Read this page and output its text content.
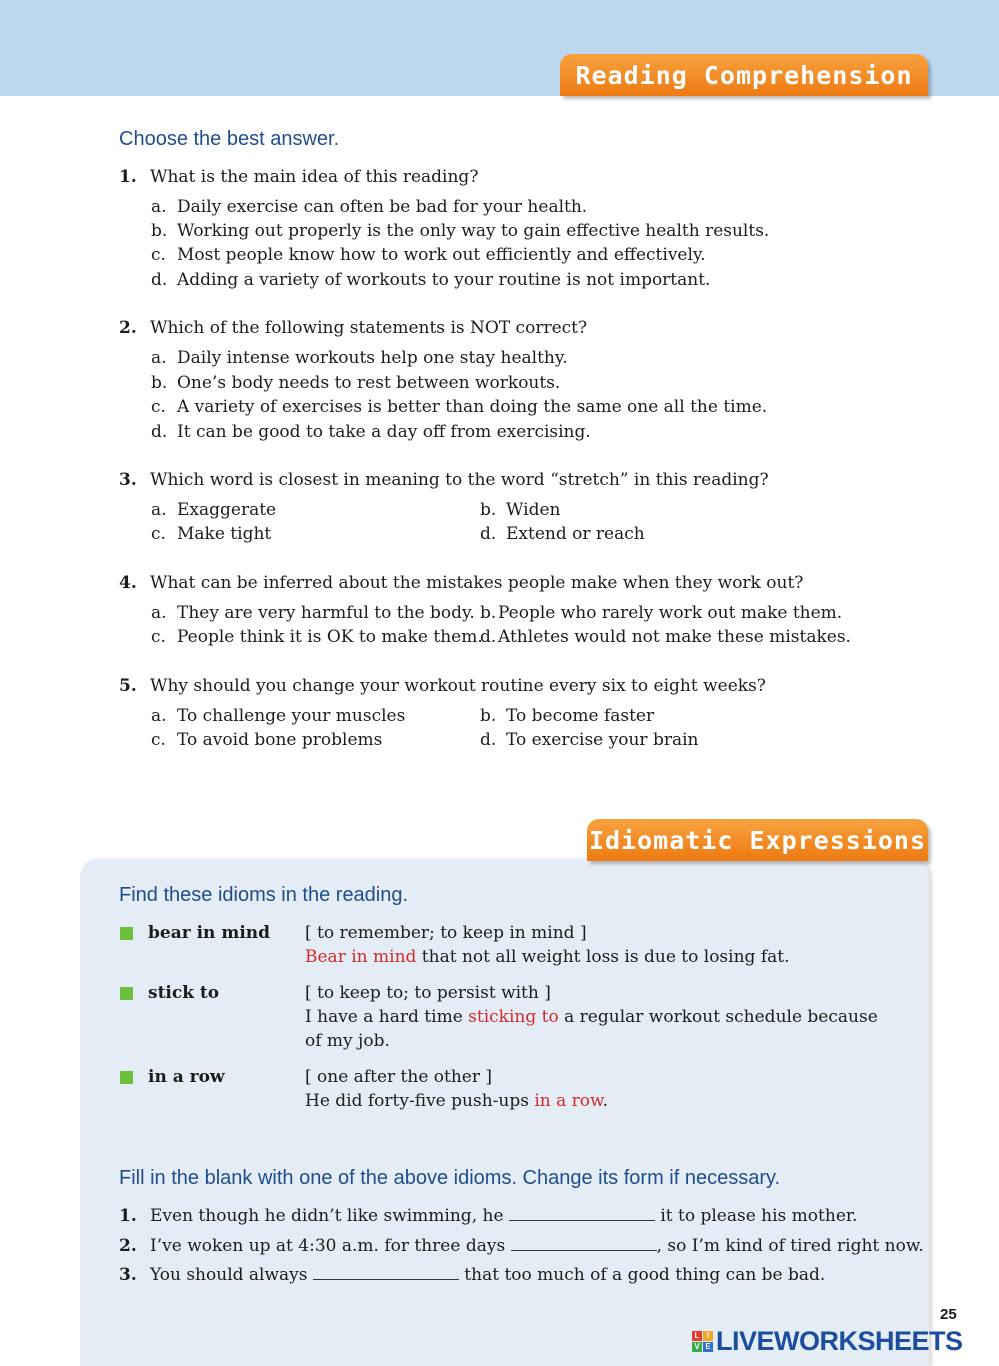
Reading Comprehension
Choose the best answer.
1. What is the main idea of this reading?
a. Daily exercise can often be bad for your health.
b. Working out properly is the only way to gain effective health results.
c. Most people know how to work out efficiently and effectively.
d. Adding a variety of workouts to your routine is not important.
2. Which of the following statements is NOT correct?
a. Daily intense workouts help one stay healthy.
b. One’s body needs to rest between workouts.
c. A variety of exercises is better than doing the same one all the time.
d. It can be good to take a day off from exercising.
3. Which word is closest in meaning to the word “stretch” in this reading?
a. Exaggerate	b. Widen
c. Make tight	d. Extend or reach
4. What can be inferred about the mistakes people make when they work out?
a. They are very harmful to the body. b. People who rarely work out make them.
c. People think it is OK to make them.
d. Athletes would not make these mistakes.
5. Why should you change your workout routine every six to eight weeks?
a. To challenge your muscles	b. To become faster
c. To avoid bone problems	d. To exercise your brain
Idiomatic Expressions
Find these idioms in the reading.
bear in mind [ to remember; to keep in mind ]
Bear in mind that not all weight loss is due to losing fat.
stick to	[ to keep to; to persist with ]
I have a hard time sticking to a regular workout schedule because of my job.
in a row	[ one after the other ]
He did forty-five push-ups in a row.
Fill in the blank with one of the above idioms. Change its form if necessary.
1. Even though he didn’t like swimming, he	it to please his mother.
2. I’ve woken up at 4:30 a.m. for three days	, so I’m kind of tired right now.
3. You should always	that too much of a good thing can be bad.
25
L I
V E LIVEWORKSHEETS
